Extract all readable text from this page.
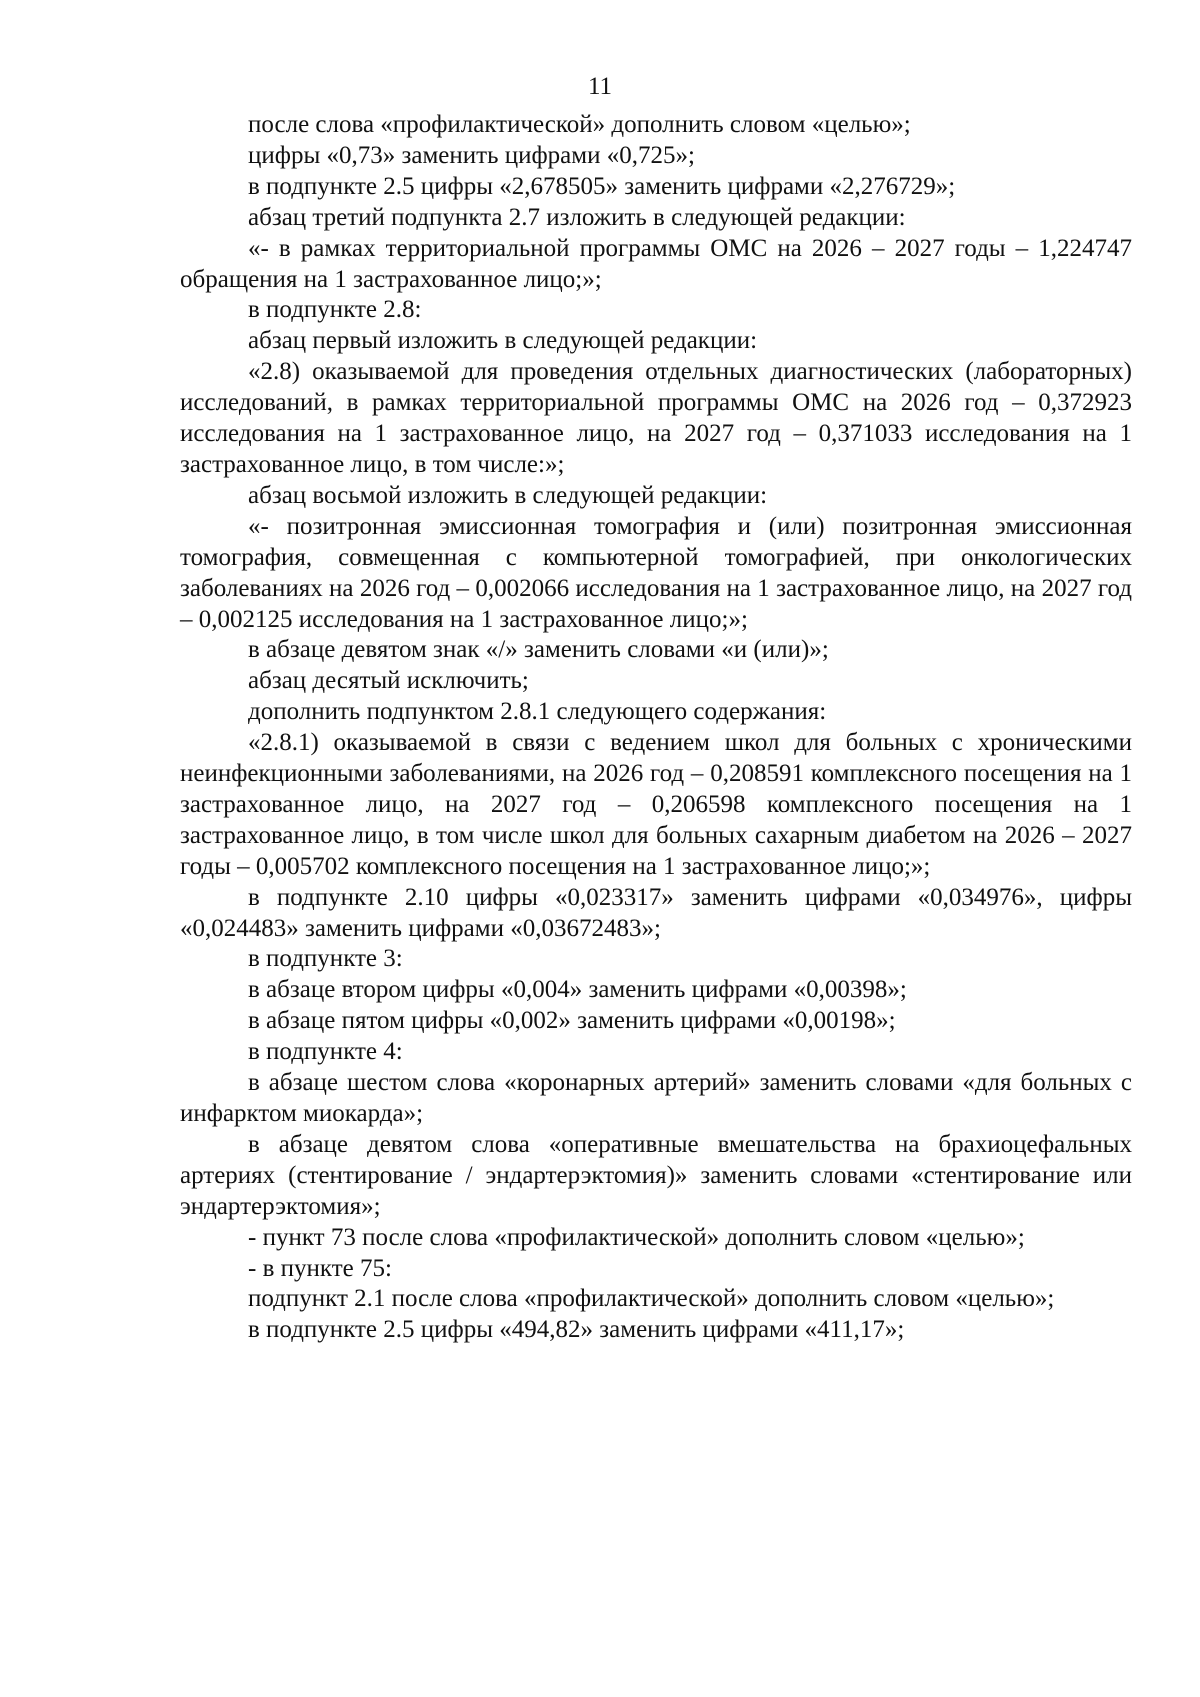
11

после слова «профилактической» дополнить словом «целью»;

цифры «0,73» заменить цифрами «0,725»;

в подпункте 2.5 цифры «2,678505» заменить цифрами «2,276729»;

абзац третий подпункта 2.7 изложить в следующей редакции:

«- в рамках территориальной программы ОМС на 2026 – 2027 годы – 1,224747 обращения на 1 застрахованное лицо;»;

в подпункте 2.8:

абзац первый изложить в следующей редакции:

«2.8) оказываемой для проведения отдельных диагностических (лабораторных) исследований, в рамках территориальной программы ОМС на 2026 год – 0,372923 исследования на 1 застрахованное лицо, на 2027 год – 0,371033 исследования на 1 застрахованное лицо, в том числе:»;

абзац восьмой изложить в следующей редакции:

«- позитронная эмиссионная томография и (или) позитронная эмиссионная томография, совмещенная с компьютерной томографией, при онкологических заболеваниях на 2026 год – 0,002066 исследования на 1 застрахованное лицо, на 2027 год – 0,002125 исследования на 1 застрахованное лицо;»;

в абзаце девятом знак «/» заменить словами «и (или)»;

абзац десятый исключить;

дополнить подпунктом 2.8.1 следующего содержания:

«2.8.1) оказываемой в связи с ведением школ для больных с хроническими неинфекционными заболеваниями, на 2026 год – 0,208591 комплексного посещения на 1 застрахованное лицо, на 2027 год – 0,206598 комплексного посещения на 1 застрахованное лицо, в том числе школ для больных сахарным диабетом на 2026 – 2027 годы – 0,005702 комплексного посещения на 1 застрахованное лицо;»;

в подпункте 2.10 цифры «0,023317» заменить цифрами «0,034976», цифры «0,024483» заменить цифрами «0,03672483»;

в подпункте 3:

в абзаце втором цифры «0,004» заменить цифрами «0,00398»;

в абзаце пятом цифры «0,002» заменить цифрами «0,00198»;

в подпункте 4:

в абзаце шестом слова «коронарных артерий» заменить словами «для больных с инфарктом миокарда»;

в абзаце девятом слова «оперативные вмешательства на брахиоцефальных артериях (стентирование / эндартерэктомия)» заменить словами «стентирование или эндартерэктомия»;

- пункт 73 после слова «профилактической» дополнить словом «целью»;

- в пункте 75:

подпункт 2.1 после слова «профилактической» дополнить словом «целью»;

в подпункте 2.5 цифры «494,82» заменить цифрами «411,17»;
